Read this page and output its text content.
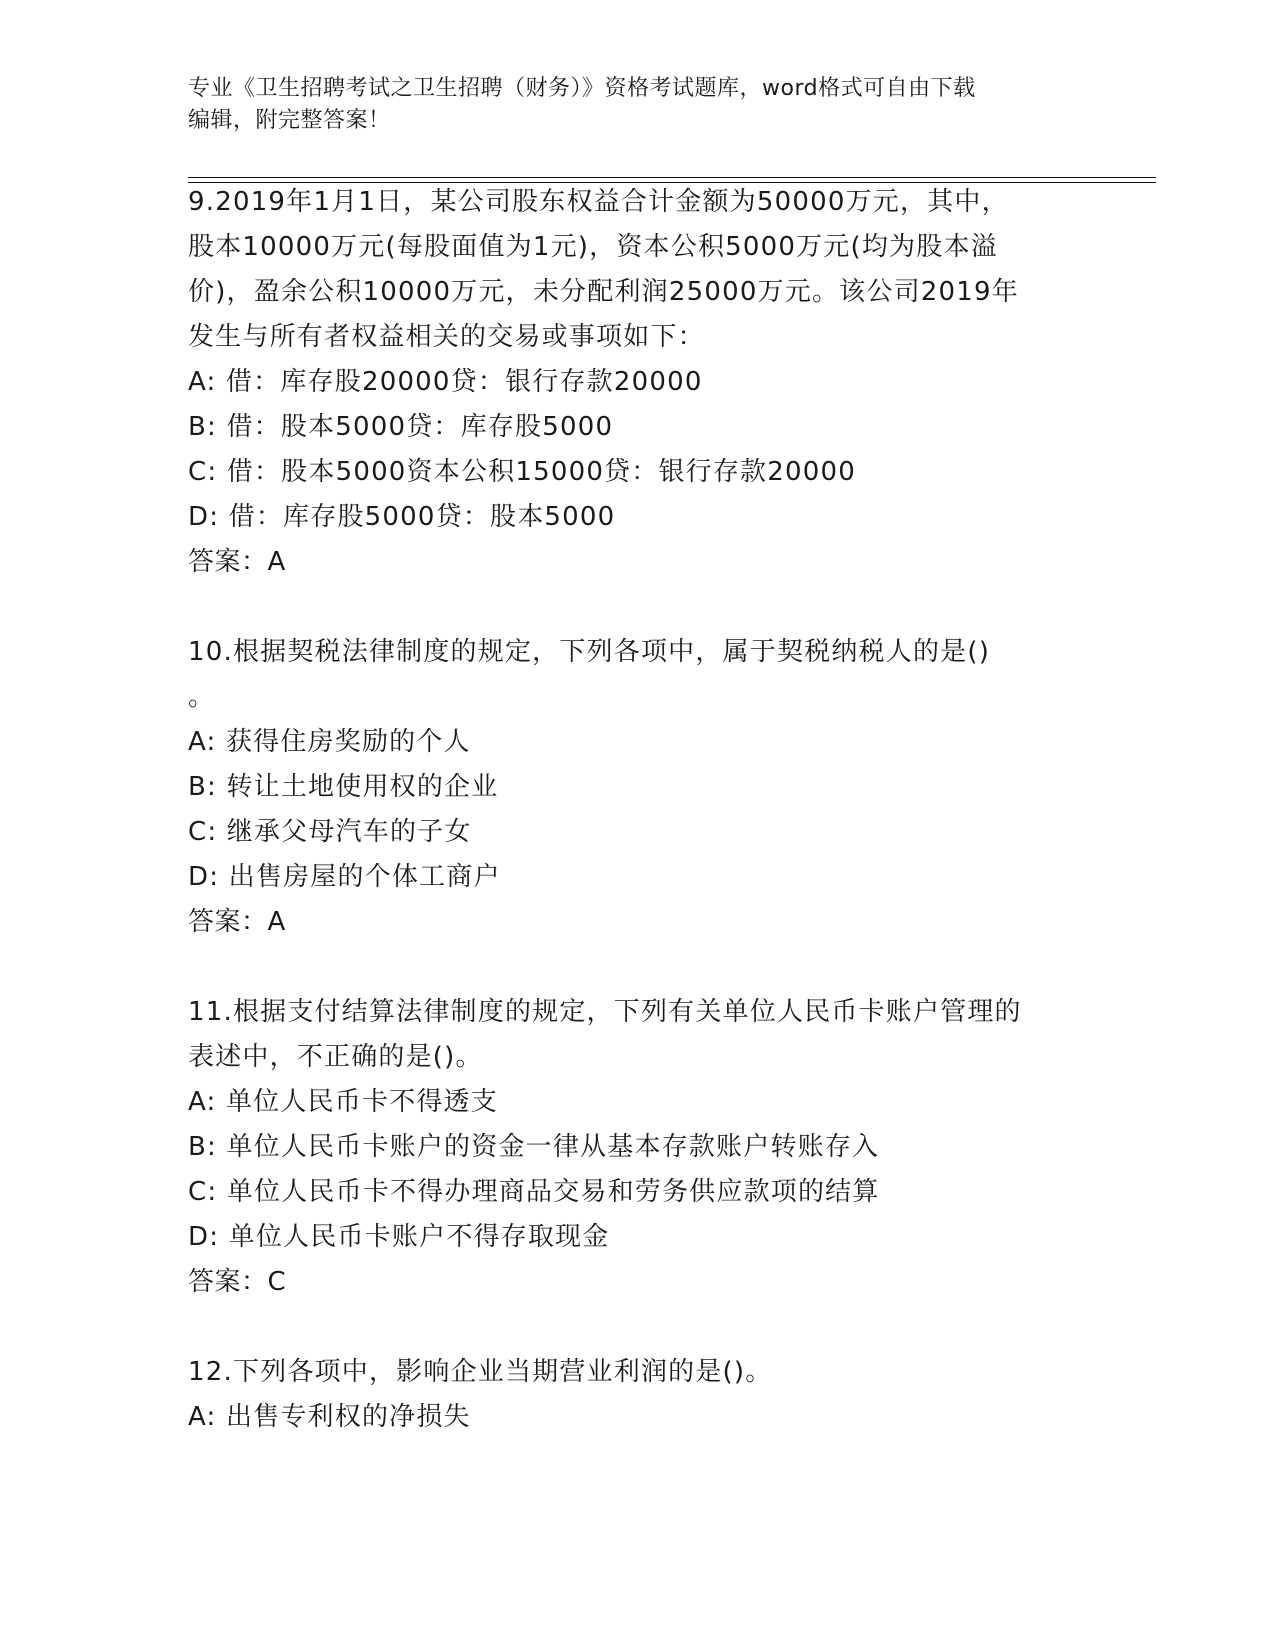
专业《卫生招聘考试之卫生招聘（财务）》资格考试题库，word格式可自由下载
编辑，附完整答案！
9.2019年1月1日，某公司股东权益合计金额为50000万元，其中，
股本10000万元(每股面值为1元)，资本公积5000万元(均为股本溢
价)，盈余公积10000万元，未分配利润25000万元。该公司2019年
发生与所有者权益相关的交易或事项如下：
A: 借：库存股20000贷：银行存款20000
B: 借：股本5000贷：库存股5000
C: 借：股本5000资本公积15000贷：银行存款20000
D: 借：库存股5000贷：股本5000
答案：A
10.根据契税法律制度的规定，下列各项中，属于契税纳税人的是()
。
A: 获得住房奖励的个人
B: 转让土地使用权的企业
C: 继承父母汽车的子女
D: 出售房屋的个体工商户
答案：A
11.根据支付结算法律制度的规定，下列有关单位人民币卡账户管理的
表述中，不正确的是()。
A: 单位人民币卡不得透支
B: 单位人民币卡账户的资金一律从基本存款账户转账存入
C: 单位人民币卡不得办理商品交易和劳务供应款项的结算
D: 单位人民币卡账户不得存取现金
答案：C
12.下列各项中，影响企业当期营业利润的是()。
A: 出售专利权的净损失
